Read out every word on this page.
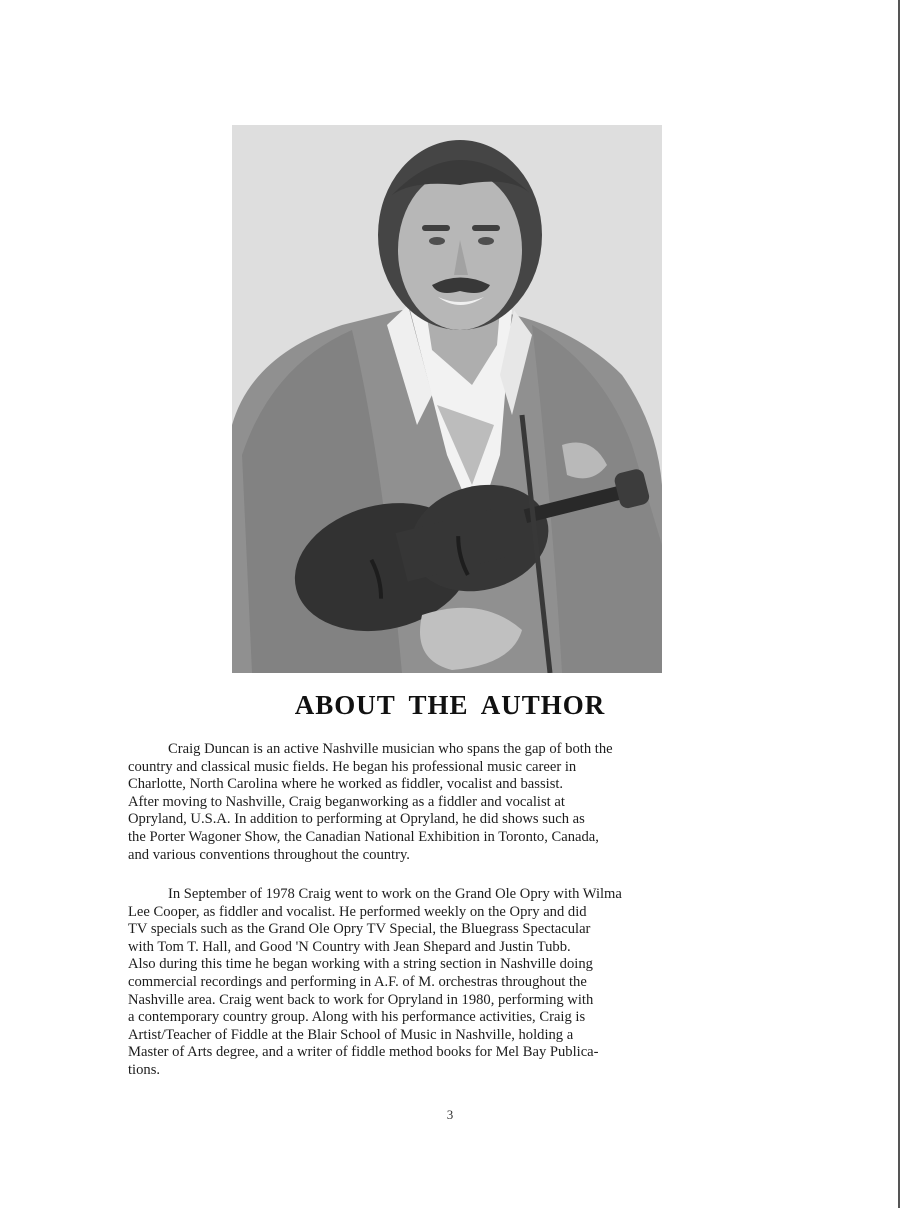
ABOUT THE AUTHOR
Craig Duncan is an active Nashville musician who spans the gap of both the
country and classical music fields. He began his professional music career in
Charlotte, North Carolina where he worked as fiddler, vocalist and bassist.
After moving to Nashville, Craig beganworking as a fiddler and vocalist at
Opryland, U.S.A. In addition to performing at Opryland, he did shows such as
the Porter Wagoner Show, the Canadian National Exhibition in Toronto, Canada,
and various conventions throughout the country.
In September of 1978 Craig went to work on the Grand Ole Opry with Wilma
Lee Cooper, as fiddler and vocalist. He performed weekly on the Opry and did
TV specials such as the Grand Ole Opry TV Special, the Bluegrass Spectacular
with Tom T. Hall, and Good 'N Country with Jean Shepard and Justin Tubb.
Also during this time he began working with a string section in Nashville doing
commercial recordings and performing in A.F. of M. orchestras throughout the
Nashville area. Craig went back to work for Opryland in 1980, performing with
a contemporary country group. Along with his performance activities, Craig is
Artist/Teacher of Fiddle at the Blair School of Music in Nashville, holding a
Master of Arts degree, and a writer of fiddle method books for Mel Bay Publica-
tions.
3
